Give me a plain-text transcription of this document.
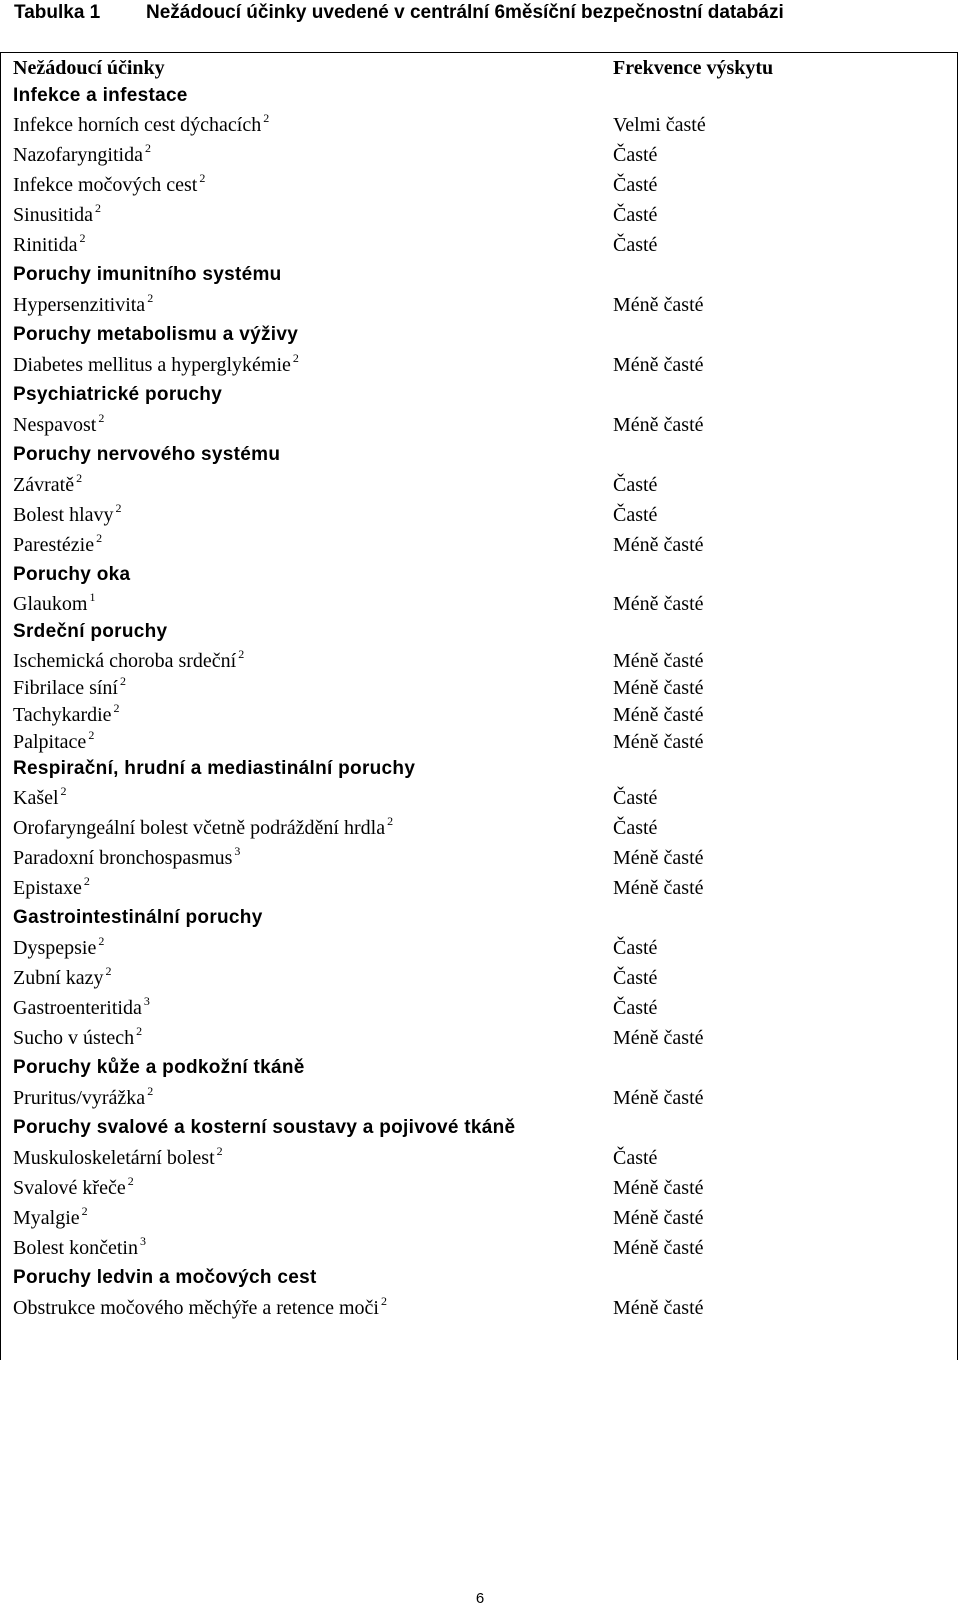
Tabulka 1 Nežádoucí účinky uvedené v centrální 6měsíční bezpečnostní databázi
Nežádoucí účinky	Frekvence výskytu
Infekce a infestace
Infekce horních cest dýchacích $^2$	Velmi časté
Nazofaryngitida $^2$	Časté
Infekce močových cest $^2$	Časté
Sinusitida $^2$	Časté
Rinitida $^2$	Časté
Poruchy imunitního systému
Hypersenzitivita $^2$	Méně časté
Poruchy metabolismu a výživy
Diabetes mellitus a hyperglykémie $^2$	Méně časté
Psychiatrické poruchy
Nespavost $^2$	Méně časté
Poruchy nervového systému
Závratě $^2$	Časté
Bolest hlavy $^2$	Časté
Parestézie $^2$	Méně časté
Poruchy oka
Glaukom $^1$	Méně časté
Srdeční poruchy
Ischemická choroba srdeční $^2$	Méně časté
Fibrilace síní $^2$	Méně časté
Tachykardie $^2$	Méně časté
Palpitace $^2$	Méně časté
Respirační, hrudní a mediastinální poruchy
Kašel $^2$	Časté
Orofaryngeální bolest včetně podráždění hrdla $^2$	Časté
Paradoxní bronchospasmus $^3$	Méně časté
Epistaxe $^2$	Méně časté
Gastrointestinální poruchy
Dyspepsie $^2$	Časté
Zubní kazy $^2$	Časté
Gastroenteritida $^3$	Časté
Sucho v ústech $^2$	Méně časté
Poruchy kůže a podkožní tkáně
Pruritus/vyrážka $^2$	Méně časté
Poruchy svalové a kosterní soustavy a pojivové tkáně
Muskuloskeletární bolest $^2$	Časté
Svalové křeče $^2$	Méně časté
Myalgie $^2$	Méně časté
Bolest končetin $^3$	Méně časté
Poruchy ledvin a močových cest
Obstrukce močového měchýře a retence moči $^2$	Méně časté
6
